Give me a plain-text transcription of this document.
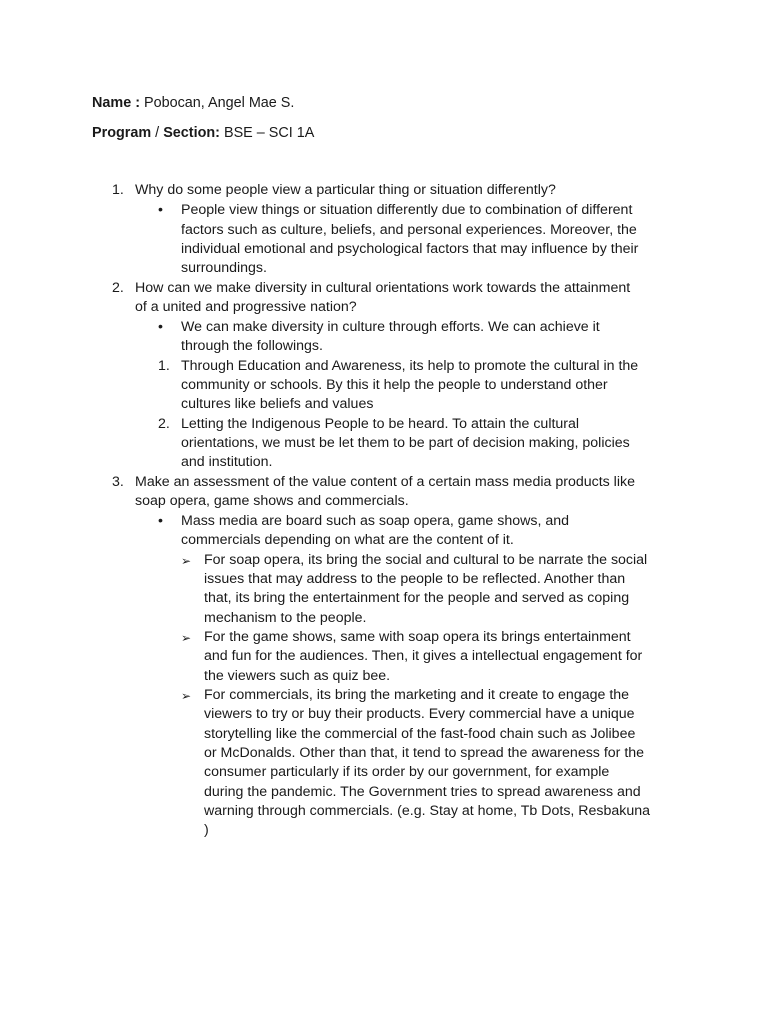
Name : Pobocan, Angel Mae S.
Program / Section: BSE – SCI 1A
1. Why do some people view a particular thing or situation differently?
• People view things or situation differently due to combination of different
factors such as culture, beliefs, and personal experiences. Moreover, the
individual emotional and psychological factors that may influence by their
surroundings.
2. How can we make diversity in cultural orientations work towards the attainment
of a united and progressive nation?
• We can make diversity in culture through efforts. We can achieve it
through the followings.
1. Through Education and Awareness, its help to promote the cultural in the
community or schools. By this it help the people to understand other
cultures like beliefs and values
2. Letting the Indigenous People to be heard. To attain the cultural
orientations, we must be let them to be part of decision making, policies
and institution.
3. Make an assessment of the value content of a certain mass media products like
soap opera, game shows and commercials.
• Mass media are board such as soap opera, game shows, and
commercials depending on what are the content of it.
➢ For soap opera, its bring the social and cultural to be narrate the social
issues that may address to the people to be reflected. Another than
that, its bring the entertainment for the people and served as coping
mechanism to the people.
➢ For the game shows, same with soap opera its brings entertainment
and fun for the audiences. Then, it gives a intellectual engagement for
the viewers such as quiz bee.
➢ For commercials, its bring the marketing and it create to engage the
viewers to try or buy their products. Every commercial have a unique
storytelling like the commercial of the fast-food chain such as Jolibee
or McDonalds. Other than that, it tend to spread the awareness for the
consumer particularly if its order by our government, for example
during the pandemic. The Government tries to spread awareness and
warning through commercials. (e.g. Stay at home, Tb Dots, Resbakuna
)
